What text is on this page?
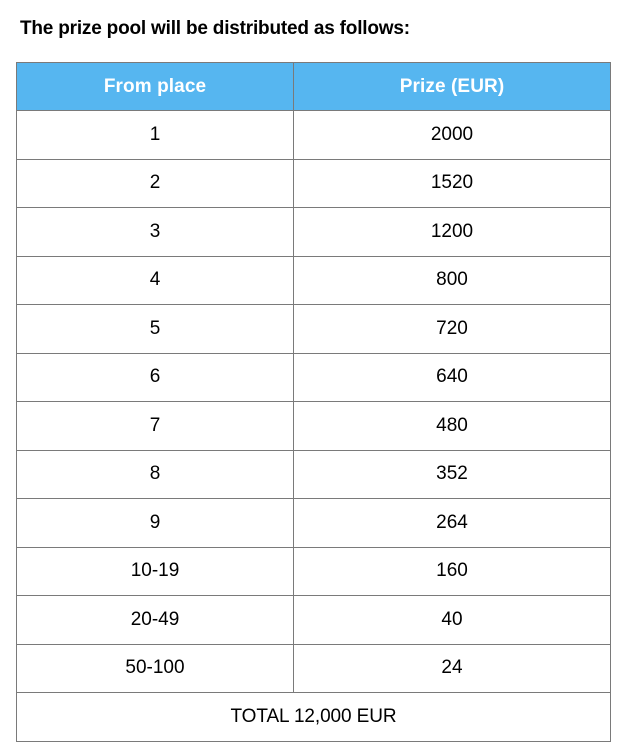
The prize pool will be distributed as follows:
From place	Prize (EUR)
1	2000
2	1520
3	1200
4	800
5	720
6	640
7	480
8	352
9	264
10-19	160
20-49	40
50-100	24
TOTAL 12,000 EUR	
